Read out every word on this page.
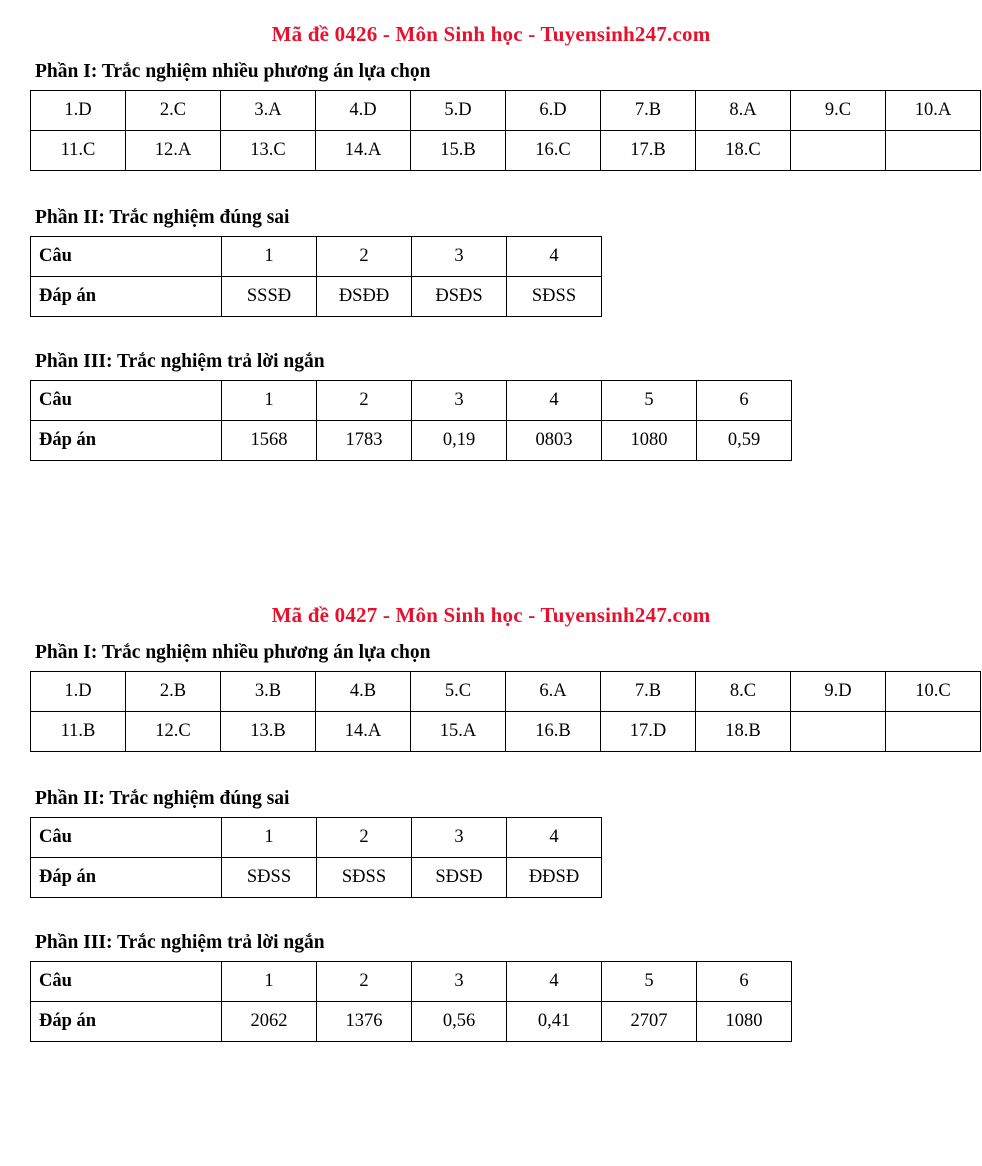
Mã đề 0426 - Môn Sinh học - Tuyensinh247.com
Phần I: Trắc nghiệm nhiều phương án lựa chọn
1.D	2.C	3.A	4.D	5.D	6.D	7.B	8.A	9.C	10.A
11.C	12.A	13.C	14.A	15.B	16.C	17.B	18.C		
Phần II: Trắc nghiệm đúng sai
Câu	1	2	3	4
Đáp án	SSSĐ	ĐSĐĐ	ĐSĐS	SĐSS
Phần III: Trắc nghiệm trả lời ngắn
Câu	1	2	3	4	5	6
Đáp án	1568	1783	0,19	0803	1080	0,59
Mã đề 0427 - Môn Sinh học - Tuyensinh247.com
Phần I: Trắc nghiệm nhiều phương án lựa chọn
1.D	2.B	3.B	4.B	5.C	6.A	7.B	8.C	9.D	10.C
11.B	12.C	13.B	14.A	15.A	16.B	17.D	18.B		
Phần II: Trắc nghiệm đúng sai
Câu	1	2	3	4
Đáp án	SĐSS	SĐSS	SĐSĐ	ĐĐSĐ
Phần III: Trắc nghiệm trả lời ngắn
Câu	1	2	3	4	5	6
Đáp án	2062	1376	0,56	0,41	2707	1080
